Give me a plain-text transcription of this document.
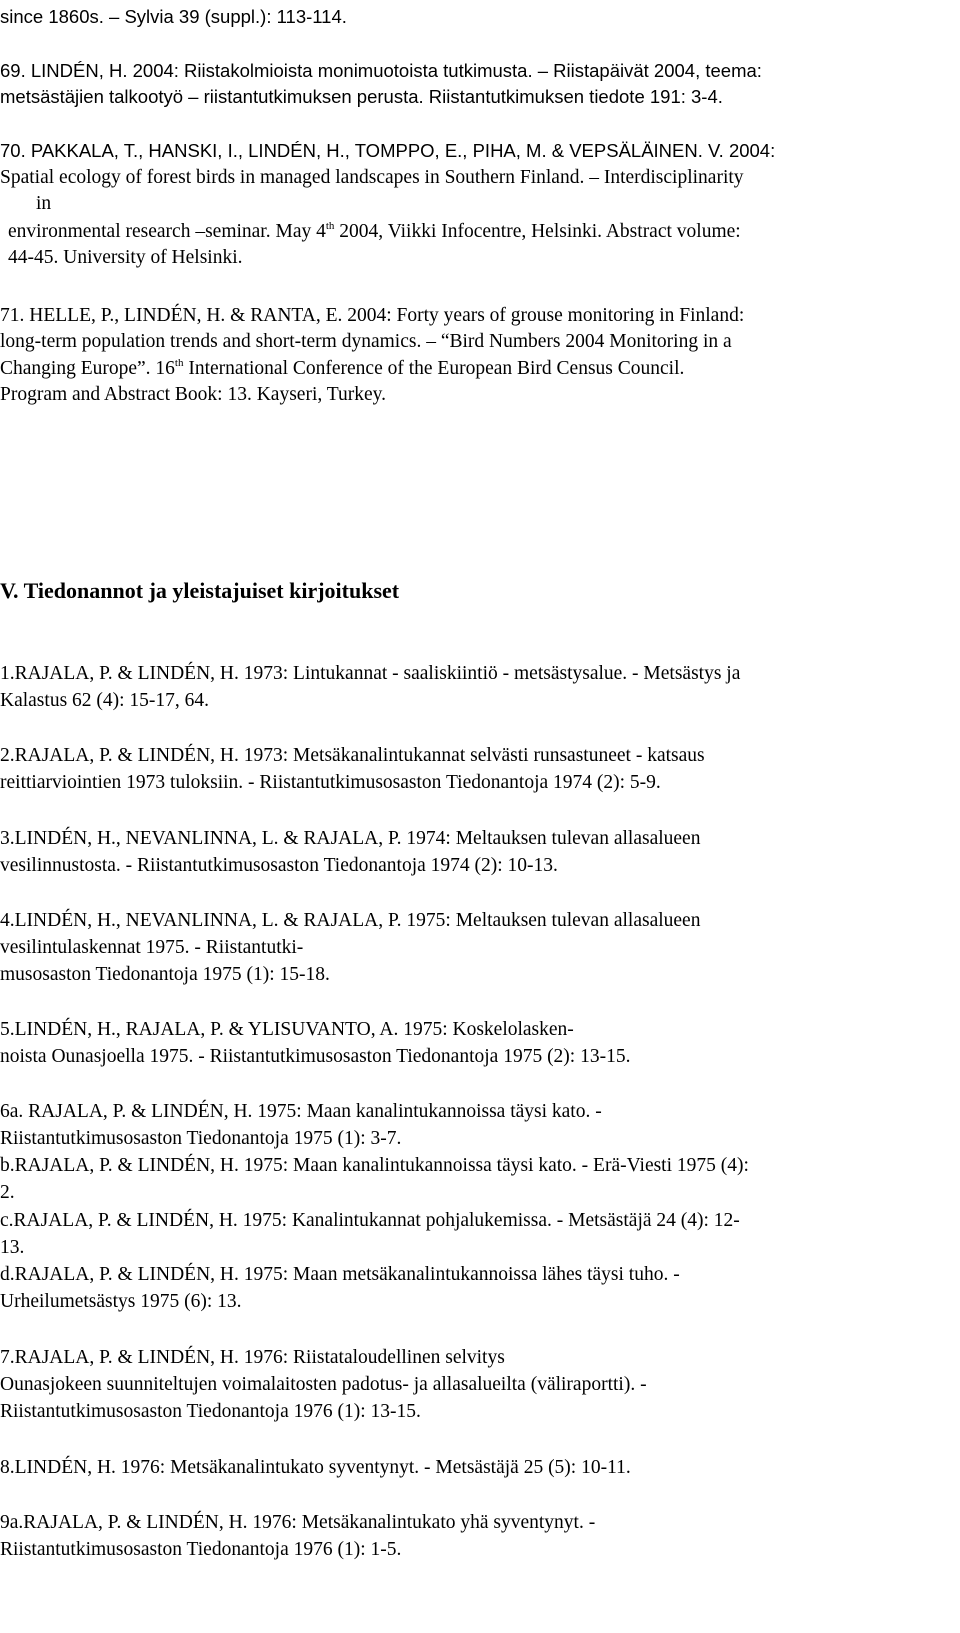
since 1860s. – Sylvia 39 (suppl.): 113-114.
69. LINDÉN, H. 2004: Riistakolmioista monimuotoista tutkimusta. – Riistapäivät 2004, teema:
metsästäjien talkootyö – riistantutkimuksen perusta. Riistantutkimuksen tiedote 191: 3-4.
70. PAKKALA, T., HANSKI, I., LINDÉN, H., TOMPPO, E., PIHA, M. & VEPSÄLÄINEN. V. 2004:
Spatial ecology of forest birds in managed landscapes in Southern Finland. – Interdisciplinarity
in
environmental research –seminar. May 4th 2004, Viikki Infocentre, Helsinki. Abstract volume:
44-45. University of Helsinki.
71. HELLE, P., LINDÉN, H. & RANTA, E. 2004: Forty years of grouse monitoring in Finland:
long-term population trends and short-term dynamics. – “Bird Numbers 2004 Monitoring in a
Changing Europe”. 16th International Conference of the European Bird Census Council.
Program and Abstract Book: 13. Kayseri, Turkey.
V. Tiedonannot ja yleistajuiset kirjoitukset
1.RAJALA, P. & LINDÉN, H. 1973: Lintukannat - saaliskiintiö - metsästysalue. - Metsästys ja
Kalastus 62 (4): 15-17, 64.
2.RAJALA, P. & LINDÉN, H. 1973: Metsäkanalintukannat selvästi runsastuneet - katsaus
reittiarviointien 1973 tuloksiin. - Riistantutkimusosaston Tiedonantoja 1974 (2): 5-9.
3.LINDÉN, H., NEVANLINNA, L. & RAJALA, P. 1974: Meltauksen tulevan allasalueen
vesilinnustosta. - Riistantutkimusosaston Tiedonantoja 1974 (2): 10-13.
4.LINDÉN, H., NEVANLINNA, L. & RAJALA, P. 1975: Meltauksen tulevan allasalueen
vesilintulaskennat 1975. - Riistantutki-
musosaston Tiedonantoja 1975 (1): 15-18.
5.LINDÉN, H., RAJALA, P. & YLISUVANTO, A. 1975: Koskelolasken-
noista Ounasjoella 1975. - Riistantutkimusosaston Tiedonantoja 1975 (2): 13-15.
6a. RAJALA, P. & LINDÉN, H. 1975: Maan kanalintukannoissa täysi kato. -
Riistantutkimusosaston Tiedonantoja 1975 (1): 3-7.
b.RAJALA, P. & LINDÉN, H. 1975: Maan kanalintukannoissa täysi kato. - Erä-Viesti 1975 (4):
2.
c.RAJALA, P. & LINDÉN, H. 1975: Kanalintukannat pohjalukemissa. - Metsästäjä 24 (4): 12-
13.
d.RAJALA, P. & LINDÉN, H. 1975: Maan metsäkanalintukannoissa lähes täysi tuho. -
Urheilumetsästys 1975 (6): 13.
7.RAJALA, P. & LINDÉN, H. 1976: Riistataloudellinen selvitys
Ounasjokeen suunniteltujen voimalaitosten padotus- ja allasalueilta (väliraportti). -
Riistantutkimusosaston Tiedonantoja 1976 (1): 13-15.
8.LINDÉN, H. 1976: Metsäkanalintukato syventynyt. - Metsästäjä 25 (5): 10-11.
9a.RAJALA, P. & LINDÉN, H. 1976: Metsäkanalintukato yhä syventynyt. -
Riistantutkimusosaston Tiedonantoja 1976 (1): 1-5.
